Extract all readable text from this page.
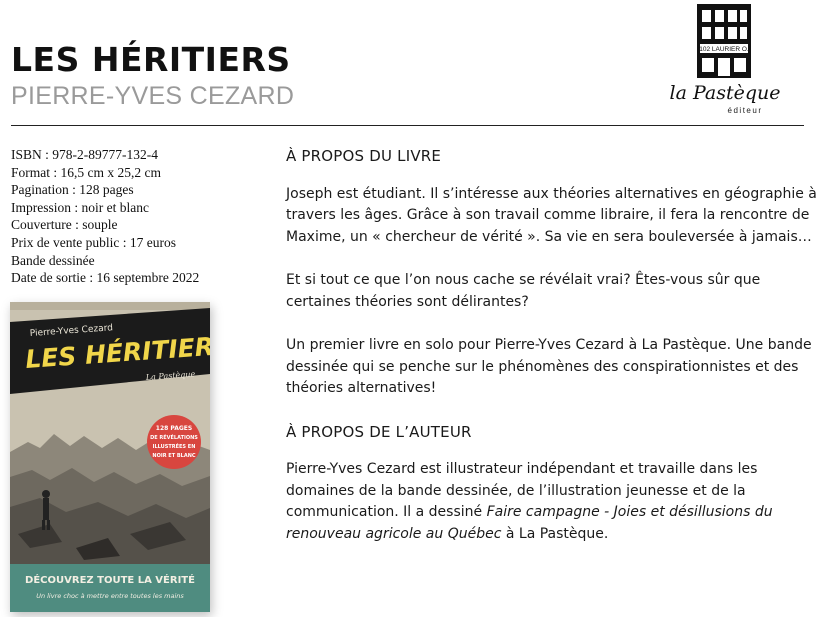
LES HÉRITIERS
PIERRE-YVES CEZARD
102 LAURIER O.
la Pastèque
éditeur
ISBN : 978-2-89777-132-4
Format : 16,5 cm x 25,2 cm
Pagination : 128 pages
Impression : noir et blanc
Couverture : souple
Prix de vente public : 17 euros
Bande dessinée
Date de sortie : 16 septembre 2022
Pierre-Yves Cezard
LES HÉRITIERS
La Pastèque
128 PAGES
DE RÉVÉLATIONS
ILLUSTRÉES EN
NOIR ET BLANC
DÉCOUVREZ TOUTE LA VÉRITÉ
Un livre choc à mettre entre toutes les mains
À PROPOS DU LIVRE

Joseph est étudiant. Il s’intéresse aux théories alternatives en géographie à travers les âges. Grâce à son travail comme libraire, il fera la rencontre de Maxime, un « chercheur de vérité ». Sa vie en sera bouleversée à jamais…

Et si tout ce que l’on nous cache se révélait vrai? Êtes-vous sûr que certaines théories sont délirantes?

Un premier livre en solo pour Pierre-Yves Cezard à La Pastèque. Une bande dessinée qui se penche sur le phénomènes des conspirationnistes et des théories alternatives!

À PROPOS DE L’AUTEUR

Pierre-Yves Cezard est illustrateur indépendant et travaille dans les domaines de la bande dessinée, de l’illustration jeunesse et de la communication. Il a dessiné Faire campagne - Joies et désillusions du renouveau agricole au Québec à La Pastèque.
